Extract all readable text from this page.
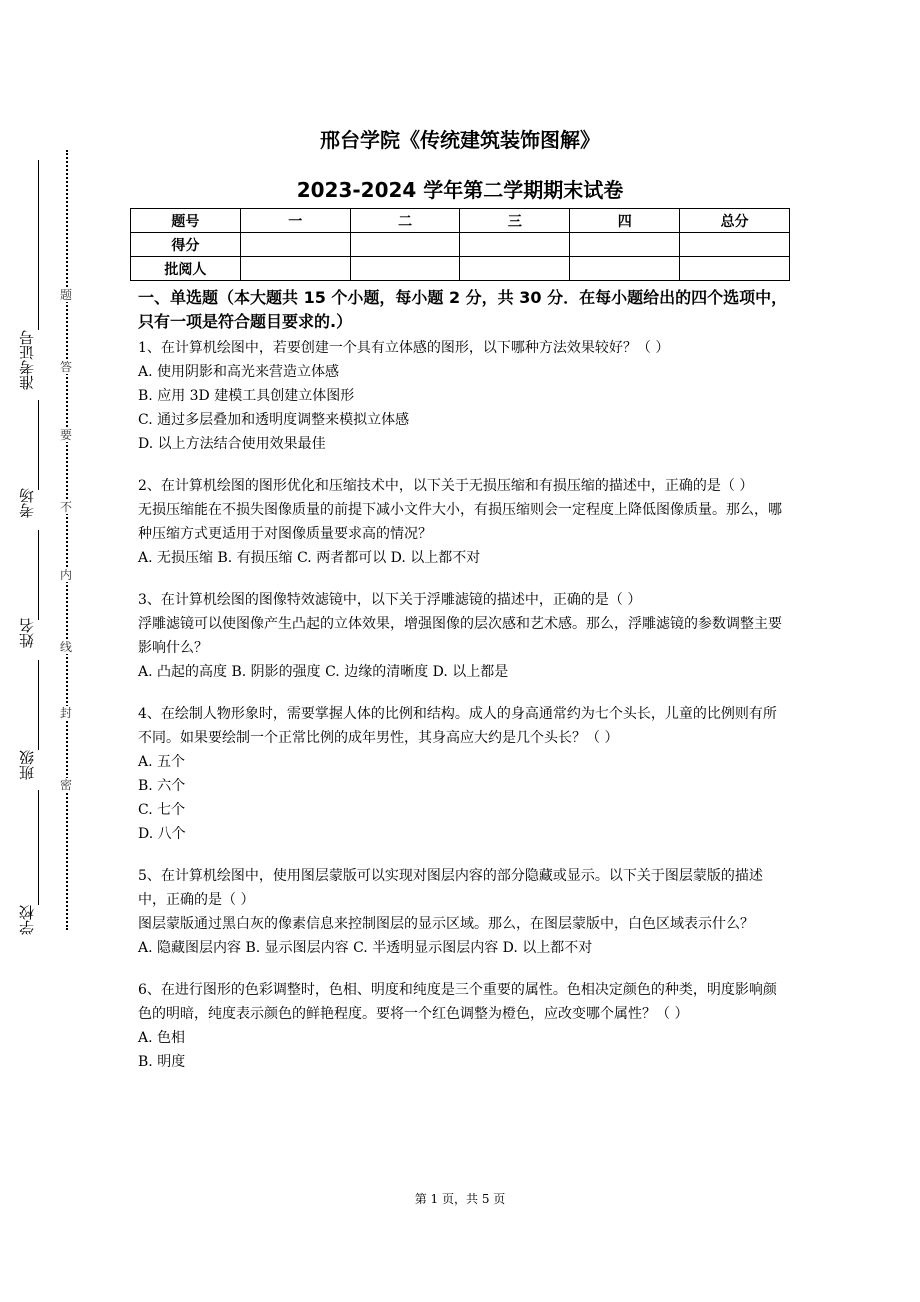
准考证号
考场
姓名
班级
学校
题
答
要
不
内
线
封
密
邢台学院《传统建筑装饰图解》
2023-2024 学年第二学期期末试卷
题号	一	二	三	四	总分
得分					
批阅人					
一、单选题（本大题共 15 个小题，每小题 2 分，共 30 分．在每小题给出的四个选项中，只有一项是符合题目要求的.）

1、在计算机绘图中，若要创建一个具有立体感的图形，以下哪种方法效果较好？（ ）

A. 使用阴影和高光来营造立体感

B. 应用 3D 建模工具创建立体图形

C. 通过多层叠加和透明度调整来模拟立体感

D. 以上方法结合使用效果最佳

2、在计算机绘图的图形优化和压缩技术中，以下关于无损压缩和有损压缩的描述中，正确的是（ ）

无损压缩能在不损失图像质量的前提下减小文件大小，有损压缩则会一定程度上降低图像质量。那么，哪种压缩方式更适用于对图像质量要求高的情况？

A. 无损压缩 B. 有损压缩 C. 两者都可以 D. 以上都不对

3、在计算机绘图的图像特效滤镜中，以下关于浮雕滤镜的描述中，正确的是（ ）

浮雕滤镜可以使图像产生凸起的立体效果，增强图像的层次感和艺术感。那么，浮雕滤镜的参数调整主要影响什么？

A. 凸起的高度 B. 阴影的强度 C. 边缘的清晰度 D. 以上都是

4、在绘制人物形象时，需要掌握人体的比例和结构。成人的身高通常约为七个头长，儿童的比例则有所不同。如果要绘制一个正常比例的成年男性，其身高应大约是几个头长？（ ）

A. 五个

B. 六个

C. 七个

D. 八个

5、在计算机绘图中，使用图层蒙版可以实现对图层内容的部分隐藏或显示。以下关于图层蒙版的描述中，正确的是（ ）

图层蒙版通过黑白灰的像素信息来控制图层的显示区域。那么，在图层蒙版中，白色区域表示什么？

A. 隐藏图层内容 B. 显示图层内容 C. 半透明显示图层内容 D. 以上都不对

6、在进行图形的色彩调整时，色相、明度和纯度是三个重要的属性。色相决定颜色的种类，明度影响颜色的明暗，纯度表示颜色的鲜艳程度。要将一个红色调整为橙色，应改变哪个属性？（ ）

A. 色相

B. 明度

第 1 页，共 5 页
